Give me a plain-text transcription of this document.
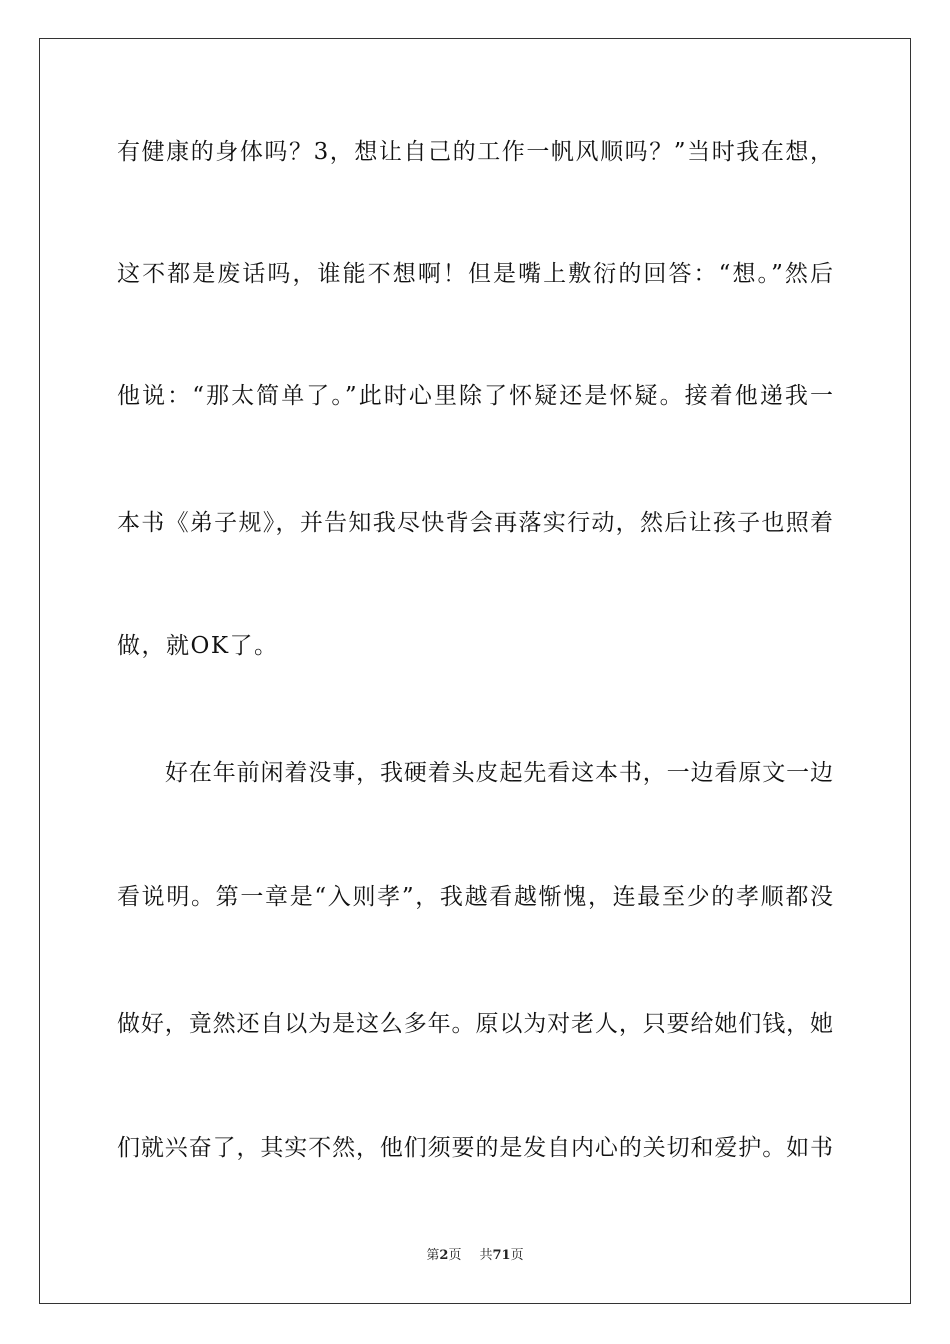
有健康的身体吗？3，想让自己的工作一帆风顺吗？”当时我在想，
这不都是废话吗，谁能不想啊！但是嘴上敷衍的回答：“想。”然后
他说：“那太简单了。”此时心里除了怀疑还是怀疑。接着他递我一
本书《弟子规》，并告知我尽快背会再落实行动，然后让孩子也照着
做，就OK了。
好在年前闲着没事，我硬着头皮起先看这本书，一边看原文一边
看说明。第一章是“入则孝”，我越看越惭愧，连最至少的孝顺都没
做好，竟然还自以为是这么多年。原以为对老人，只要给她们钱，她
们就兴奋了，其实不然，他们须要的是发自内心的关切和爱护。如书
第2页 共71页
